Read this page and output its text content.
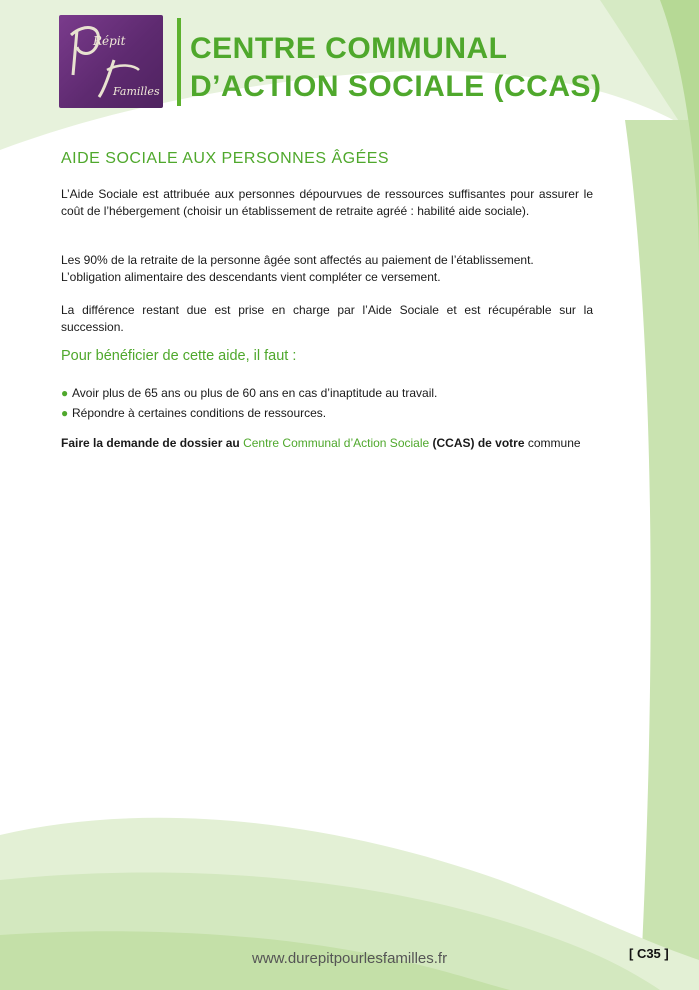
Répit
Familles
CENTRE COMMUNAL
D’ACTION SOCIALE (CCAS)
AIDE SOCIALE AUX PERSONNES ÂGÉES

L’Aide Sociale est attribuée aux personnes dépourvues de ressources suffisantes pour assurer le coût de l’hébergement (choisir un établissement de retraite agréé : habilité aide sociale).

Les 90% de la retraite de la personne âgée sont affectés au paiement de l’établissement.
L’obligation alimentaire des descendants vient compléter ce versement.

La différence restant due est prise en charge par l’Aide Sociale et est récupérable sur la succession.

Pour bénéficier de cette aide, il faut :
● Avoir plus de 65 ans ou plus de 60 ans en cas d’inaptitude au travail.
● Répondre à certaines conditions de ressources.
Faire la demande de dossier au Centre Communal d’Action Sociale (CCAS) de votre commune
www.durepitpourlesfamilles.fr	[ C35 ]
